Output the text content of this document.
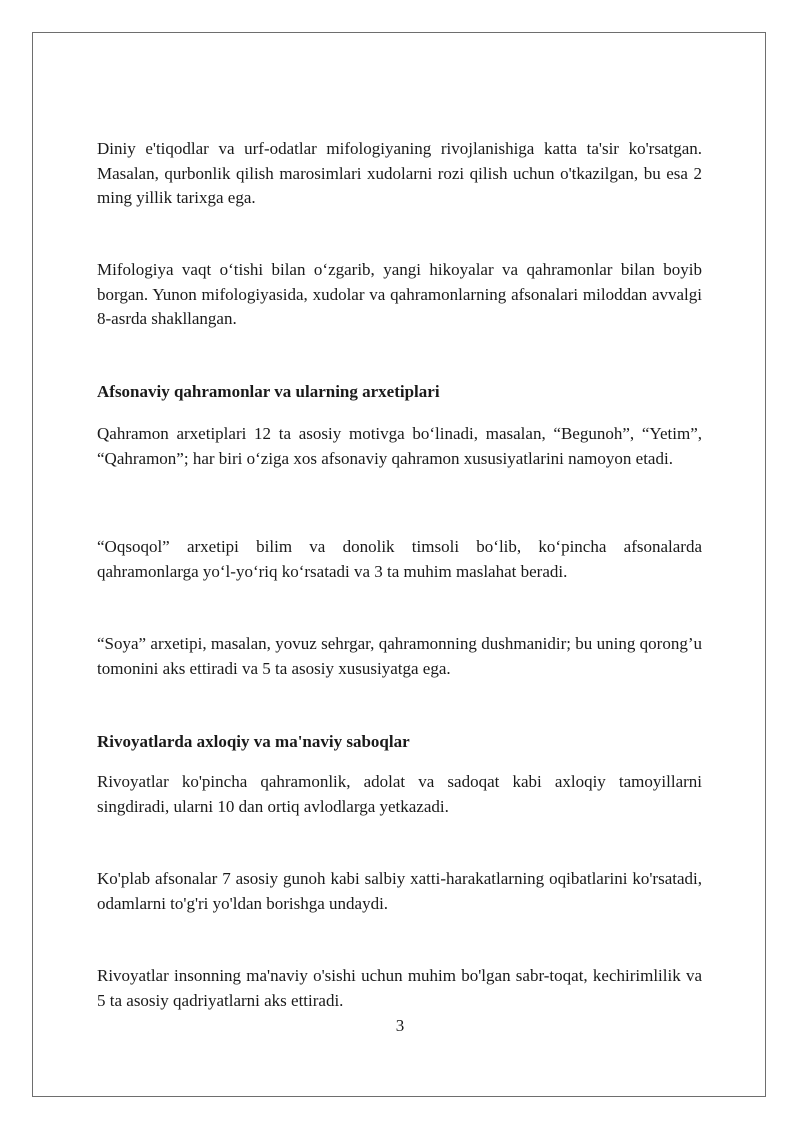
Diniy e'tiqodlar va urf-odatlar mifologiyaning rivojlanishiga katta ta'sir ko'rsatgan. Masalan, qurbonlik qilish marosimlari xudolarni rozi qilish uchun o'tkazilgan, bu esa 2 ming yillik tarixga ega.

Mifologiya vaqt o‘tishi bilan o‘zgarib, yangi hikoyalar va qahramonlar bilan boyib borgan. Yunon mifologiyasida, xudolar va qahramonlarning afsonalari miloddan avvalgi 8-asrda shakllangan.

Afsonaviy qahramonlar va ularning arxetiplari

Qahramon arxetiplari 12 ta asosiy motivga bo‘linadi, masalan, “Begunoh”, “Yetim”, “Qahramon”; har biri o‘ziga xos afsonaviy qahramon xususiyatlarini namoyon etadi.

“Oqsoqol” arxetipi bilim va donolik timsoli bo‘lib, ko‘pincha afsonalarda qahramonlarga yo‘l-yo‘riq ko‘rsatadi va 3 ta muhim maslahat beradi.

“Soya” arxetipi, masalan, yovuz sehrgar, qahramonning dushmanidir; bu uning qorong’u tomonini aks ettiradi va 5 ta asosiy xususiyatga ega.

Rivoyatlarda axloqiy va ma'naviy saboqlar

Rivoyatlar ko'pincha qahramonlik, adolat va sadoqat kabi axloqiy tamoyillarni singdiradi, ularni 10 dan ortiq avlodlarga yetkazadi.

Ko'plab afsonalar 7 asosiy gunoh kabi salbiy xatti-harakatlarning oqibatlarini ko'rsatadi, odamlarni to'g'ri yo'ldan borishga undaydi.

Rivoyatlar insonning ma'naviy o'sishi uchun muhim bo'lgan sabr-toqat, kechirimlilik va 5 ta asosiy qadriyatlarni aks ettiradi.

3
